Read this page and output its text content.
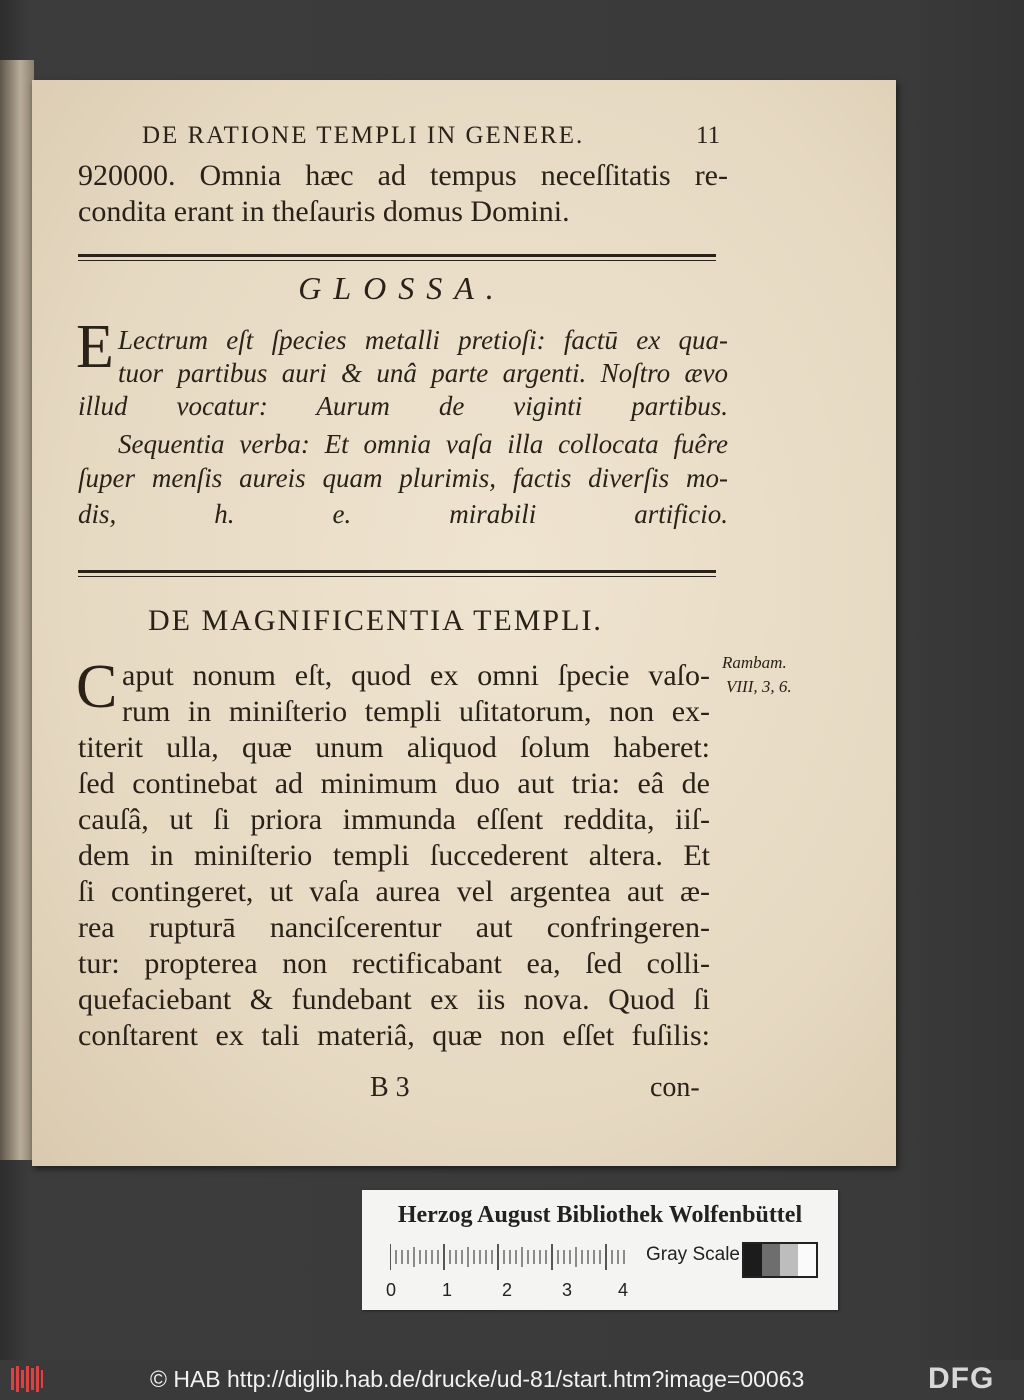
DE RATIONE TEMPLI IN GENERE.	11
920000. Omnia hæc ad tempus neceſſitatis re-
condita erant in theſauris domus Domini.
GLOSSA.
E Lectrum eſt ſpecies metalli pretioſi: factū ex qua-
tuor partibus auri & unâ parte argenti. Noſtro ævo
illud vocatur: Aurum de viginti partibus.
Sequentia verba: Et omnia vaſa illa collocata fuêre
ſuper menſis aureis quam plurimis, factis diverſis mo-
dis, h. e. mirabili artificio.
DE MAGNIFICENTIA TEMPLI.
C aput nonum eſt, quod ex omni ſpecie vaſo-
rum in miniſterio templi uſitatorum, non ex-
titerit ulla, quæ unum aliquod ſolum haberet:
ſed continebat ad minimum duo aut tria: eâ de
cauſâ, ut ſi priora immunda eſſent reddita, iiſ-
dem in miniſterio templi ſuccederent altera. Et
ſi contingeret, ut vaſa aurea vel argentea aut æ-
rea rupturā nanciſcerentur aut confringeren-
tur: propterea non rectificabant ea, ſed colli-
quefaciebant & fundebant ex iis nova. Quod ſi
conſtarent ex tali materiâ, quæ non eſſet fuſilis:
Rambam.
VIII, 3, 6.
B 3	con-
Herzog August Bibliothek Wolfenbüttel
0	1	2	3	4
Gray Scale
© HAB http://diglib.hab.de/drucke/ud-81/start.htm?image=00063	DFG
